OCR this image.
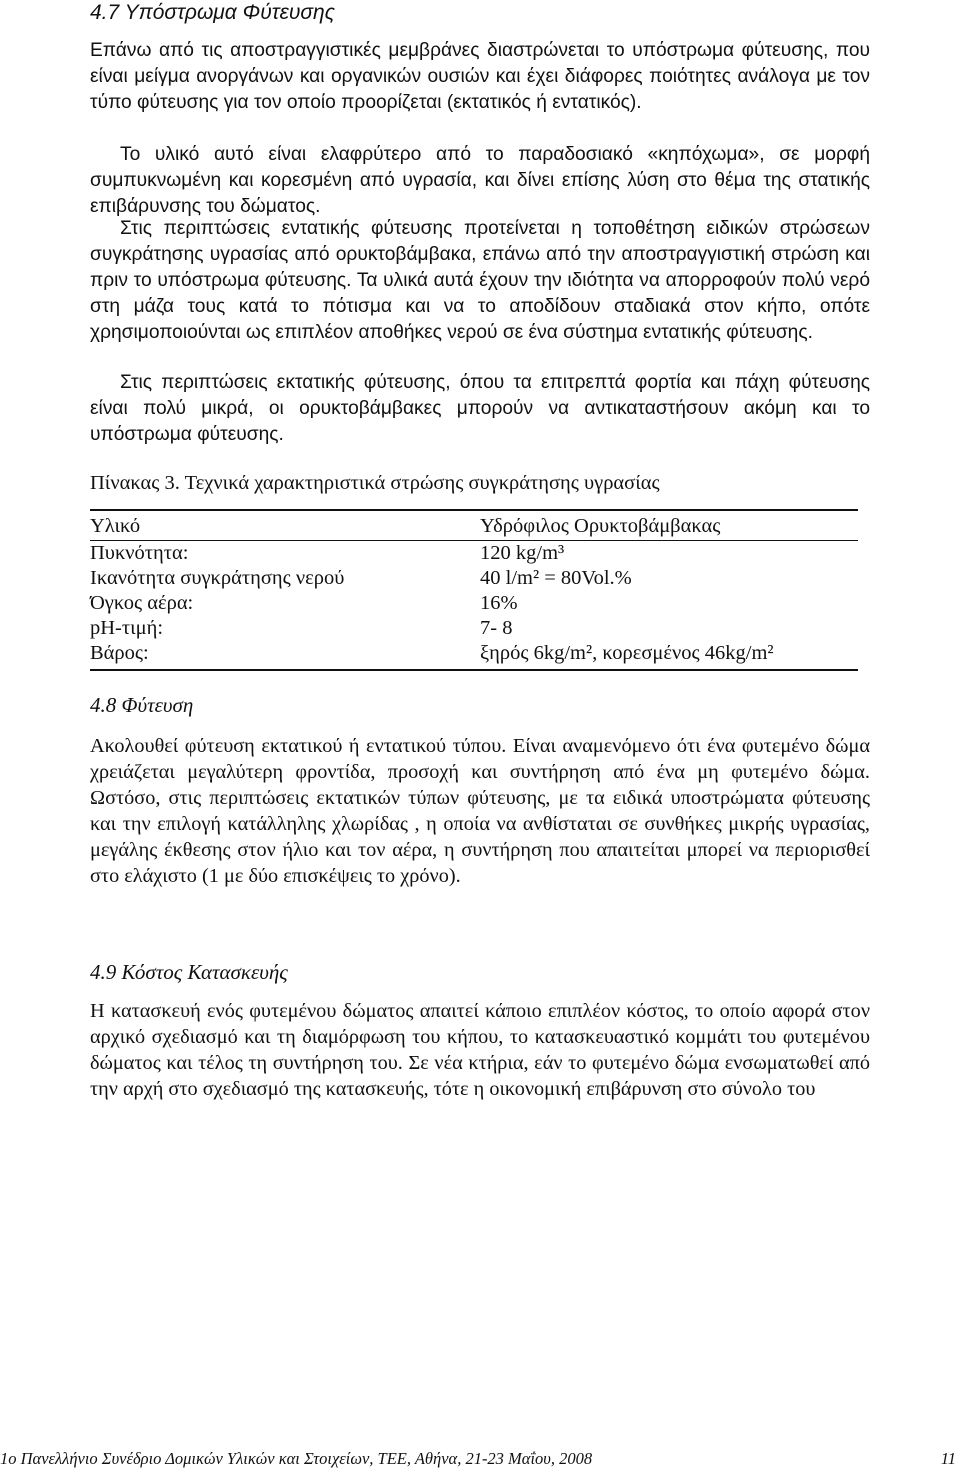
4.7 Υπόστρωμα Φύτευσης

Επάνω από τις αποστραγγιστικές μεμβράνες διαστρώνεται το υπόστρωμα φύτευσης, που είναι μείγμα ανοργάνων και οργανικών ουσιών και έχει διάφορες ποιότητες ανάλογα με τον τύπο φύτευσης για τον οποίο προορίζεται (εκτατικός ή εντατικός).

Το υλικό αυτό είναι ελαφρύτερο από το παραδοσιακό «κηπόχωμα», σε μορφή συμπυκνωμένη και κορεσμένη από υγρασία, και δίνει επίσης λύση στο θέμα της στατικής επιβάρυνσης του δώματος.

Στις περιπτώσεις εντατικής φύτευσης προτείνεται η τοποθέτηση ειδικών στρώσεων συγκράτησης υγρασίας από ορυκτοβάμβακα, επάνω από την αποστραγγιστική στρώση και πριν το υπόστρωμα φύτευσης. Τα υλικά αυτά έχουν την ιδιότητα να απορροφούν πολύ νερό στη μάζα τους κατά το πότισμα και να το αποδίδουν σταδιακά στον κήπο, οπότε χρησιμοποιούνται ως επιπλέον αποθήκες νερού σε ένα σύστημα εντατικής φύτευσης.

Στις περιπτώσεις εκτατικής φύτευσης, όπου τα επιτρεπτά φορτία και πάχη φύτευσης είναι πολύ μικρά, οι ορυκτοβάμβακες μπορούν να αντικαταστήσουν ακόμη και το υπόστρωμα φύτευσης.

Πίνακας 3. Τεχνικά χαρακτηριστικά στρώσης συγκράτησης υγρασίας
Υλικό	Υδρόφιλος Ορυκτοβάμβακας
Πυκνότητα:	120 kg/m³
Ικανότητα συγκράτησης νερού	40 l/m² = 80Vol.%
Όγκος αέρα:	16%
pH-τιμή:	7- 8
Βάρος:	ξηρός 6kg/m², κορεσμένος 46kg/m²
4.8 Φύτευση

Ακολουθεί φύτευση εκτατικού ή εντατικού τύπου. Είναι αναμενόμενο ότι ένα φυτεμένο δώμα χρειάζεται μεγαλύτερη φροντίδα, προσοχή και συντήρηση από ένα μη φυτεμένο δώμα. Ωστόσο, στις περιπτώσεις εκτατικών τύπων φύτευσης, με τα ειδικά υποστρώματα φύτευσης και την επιλογή κατάλληλης χλωρίδας , η οποία να ανθίσταται σε συνθήκες μικρής υγρασίας, μεγάλης έκθεσης στον ήλιο και τον αέρα, η συντήρηση που απαιτείται μπορεί να περιορισθεί στο ελάχιστο (1 με δύο επισκέψεις το χρόνο).

4.9 Κόστος Κατασκευής

Η κατασκευή ενός φυτεμένου δώματος απαιτεί κάποιο επιπλέον κόστος, το οποίο αφορά στον αρχικό σχεδιασμό και τη διαμόρφωση του κήπου, το κατασκευαστικό κομμάτι του φυτεμένου δώματος και τέλος τη συντήρηση του. Σε νέα κτήρια, εάν το φυτεμένο δώμα ενσωματωθεί από την αρχή στο σχεδιασμό της κατασκευής, τότε η οικονομική επιβάρυνση στο σύνολο του

1ο Πανελλήνιο Συνέδριο Δομικών Υλικών και Στοιχείων, ΤΕΕ, Αθήνα, 21-23 Μαΐου, 2008	11
